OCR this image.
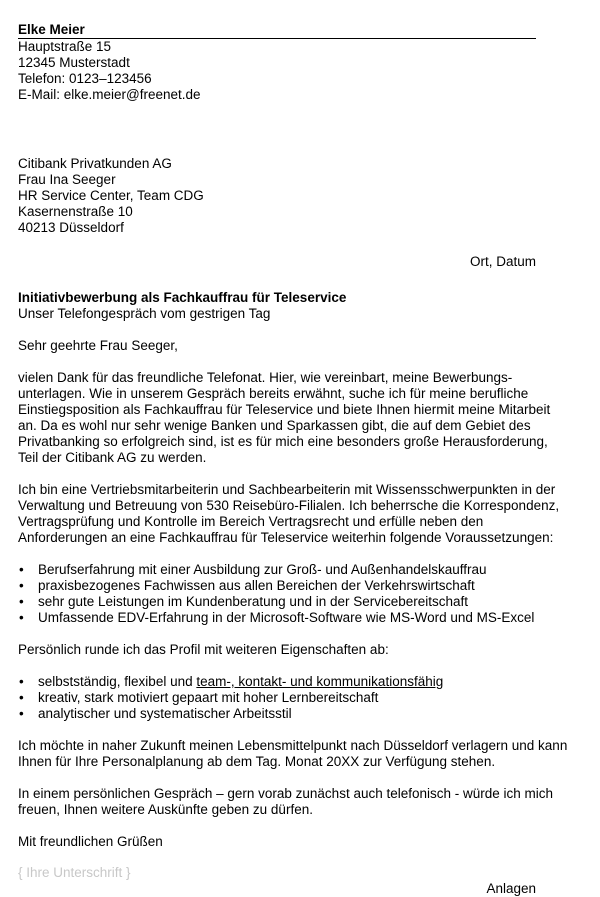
Elke Meier
Hauptstraße 15
12345 Musterstadt
Telefon: 0123–123456
E-Mail: elke.meier@freenet.de
Citibank Privatkunden AG
Frau Ina Seeger
HR Service Center, Team CDG
Kasernenstraße 10
40213 Düsseldorf
Ort, Datum
Initiativbewerbung als Fachkauffrau für Teleservice
Unser Telefongespräch vom gestrigen Tag
Sehr geehrte Frau Seeger,
vielen Dank für das freundliche Telefonat. Hier, wie vereinbart, meine Bewerbungs-
unterlagen. Wie in unserem Gespräch bereits erwähnt, suche ich für meine berufliche
Einstiegsposition als Fachkauffrau für Teleservice und biete Ihnen hiermit meine Mitarbeit
an. Da es wohl nur sehr wenige Banken und Sparkassen gibt, die auf dem Gebiet des
Privatbanking so erfolgreich sind, ist es für mich eine besonders große Herausforderung,
Teil der Citibank AG zu werden.
Ich bin eine Vertriebsmitarbeiterin und Sachbearbeiterin mit Wissensschwerpunkten in der
Verwaltung und Betreuung von 530 Reisebüro-Filialen. Ich beherrsche die Korrespondenz,
Vertragsprüfung und Kontrolle im Bereich Vertragsrecht und erfülle neben den
Anforderungen an eine Fachkauffrau für Teleservice weiterhin folgende Voraussetzungen:
• Berufserfahrung mit einer Ausbildung zur Groß- und Außenhandelskauffrau
• praxisbezogenes Fachwissen aus allen Bereichen der Verkehrswirtschaft
• sehr gute Leistungen im Kundenberatung und in der Servicebereitschaft
• Umfassende EDV-Erfahrung in der Microsoft-Software wie MS-Word und MS-Excel
Persönlich runde ich das Profil mit weiteren Eigenschaften ab:
• selbstständig, flexibel und team-, kontakt- und kommunikationsfähig
• kreativ, stark motiviert gepaart mit hoher Lernbereitschaft
• analytischer und systematischer Arbeitsstil
Ich möchte in naher Zukunft meinen Lebensmittelpunkt nach Düsseldorf verlagern und kann
Ihnen für Ihre Personalplanung ab dem Tag. Monat 20XX zur Verfügung stehen.
In einem persönlichen Gespräch – gern vorab zunächst auch telefonisch - würde ich mich
freuen, Ihnen weitere Auskünfte geben zu dürfen.
Mit freundlichen Grüßen
{ Ihre Unterschrift }
Anlagen
